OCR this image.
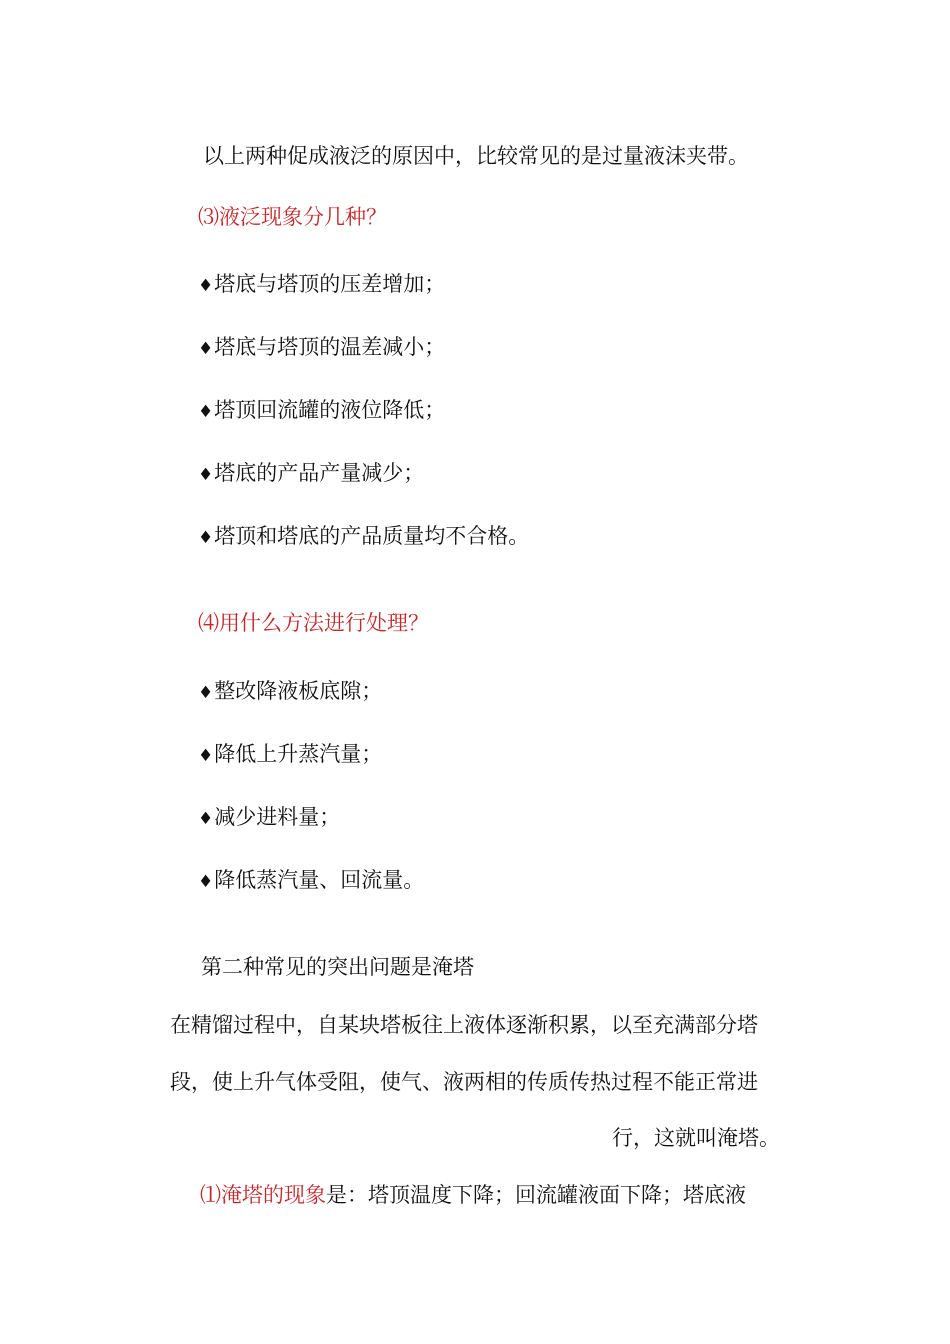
以上两种促成液泛的原因中，比较常见的是过量液沫夹带。
⑶液泛现象分几种？
♦塔底与塔顶的压差增加；
♦塔底与塔顶的温差减小；
♦塔顶回流罐的液位降低；
♦塔底的产品产量减少；
♦塔顶和塔底的产品质量均不合格。
⑷用什么方法进行处理？
♦整改降液板底隙；
♦降低上升蒸汽量；
♦减少进料量；
♦降低蒸汽量、回流量。
第二种常见的突出问题是淹塔
在精馏过程中，自某块塔板往上液体逐渐积累，以至充满部分塔
段，使上升气体受阻，使气、液两相的传质传热过程不能正常进
行，这就叫淹塔。
⑴淹塔的现象是：塔顶温度下降；回流罐液面下降；塔底液
